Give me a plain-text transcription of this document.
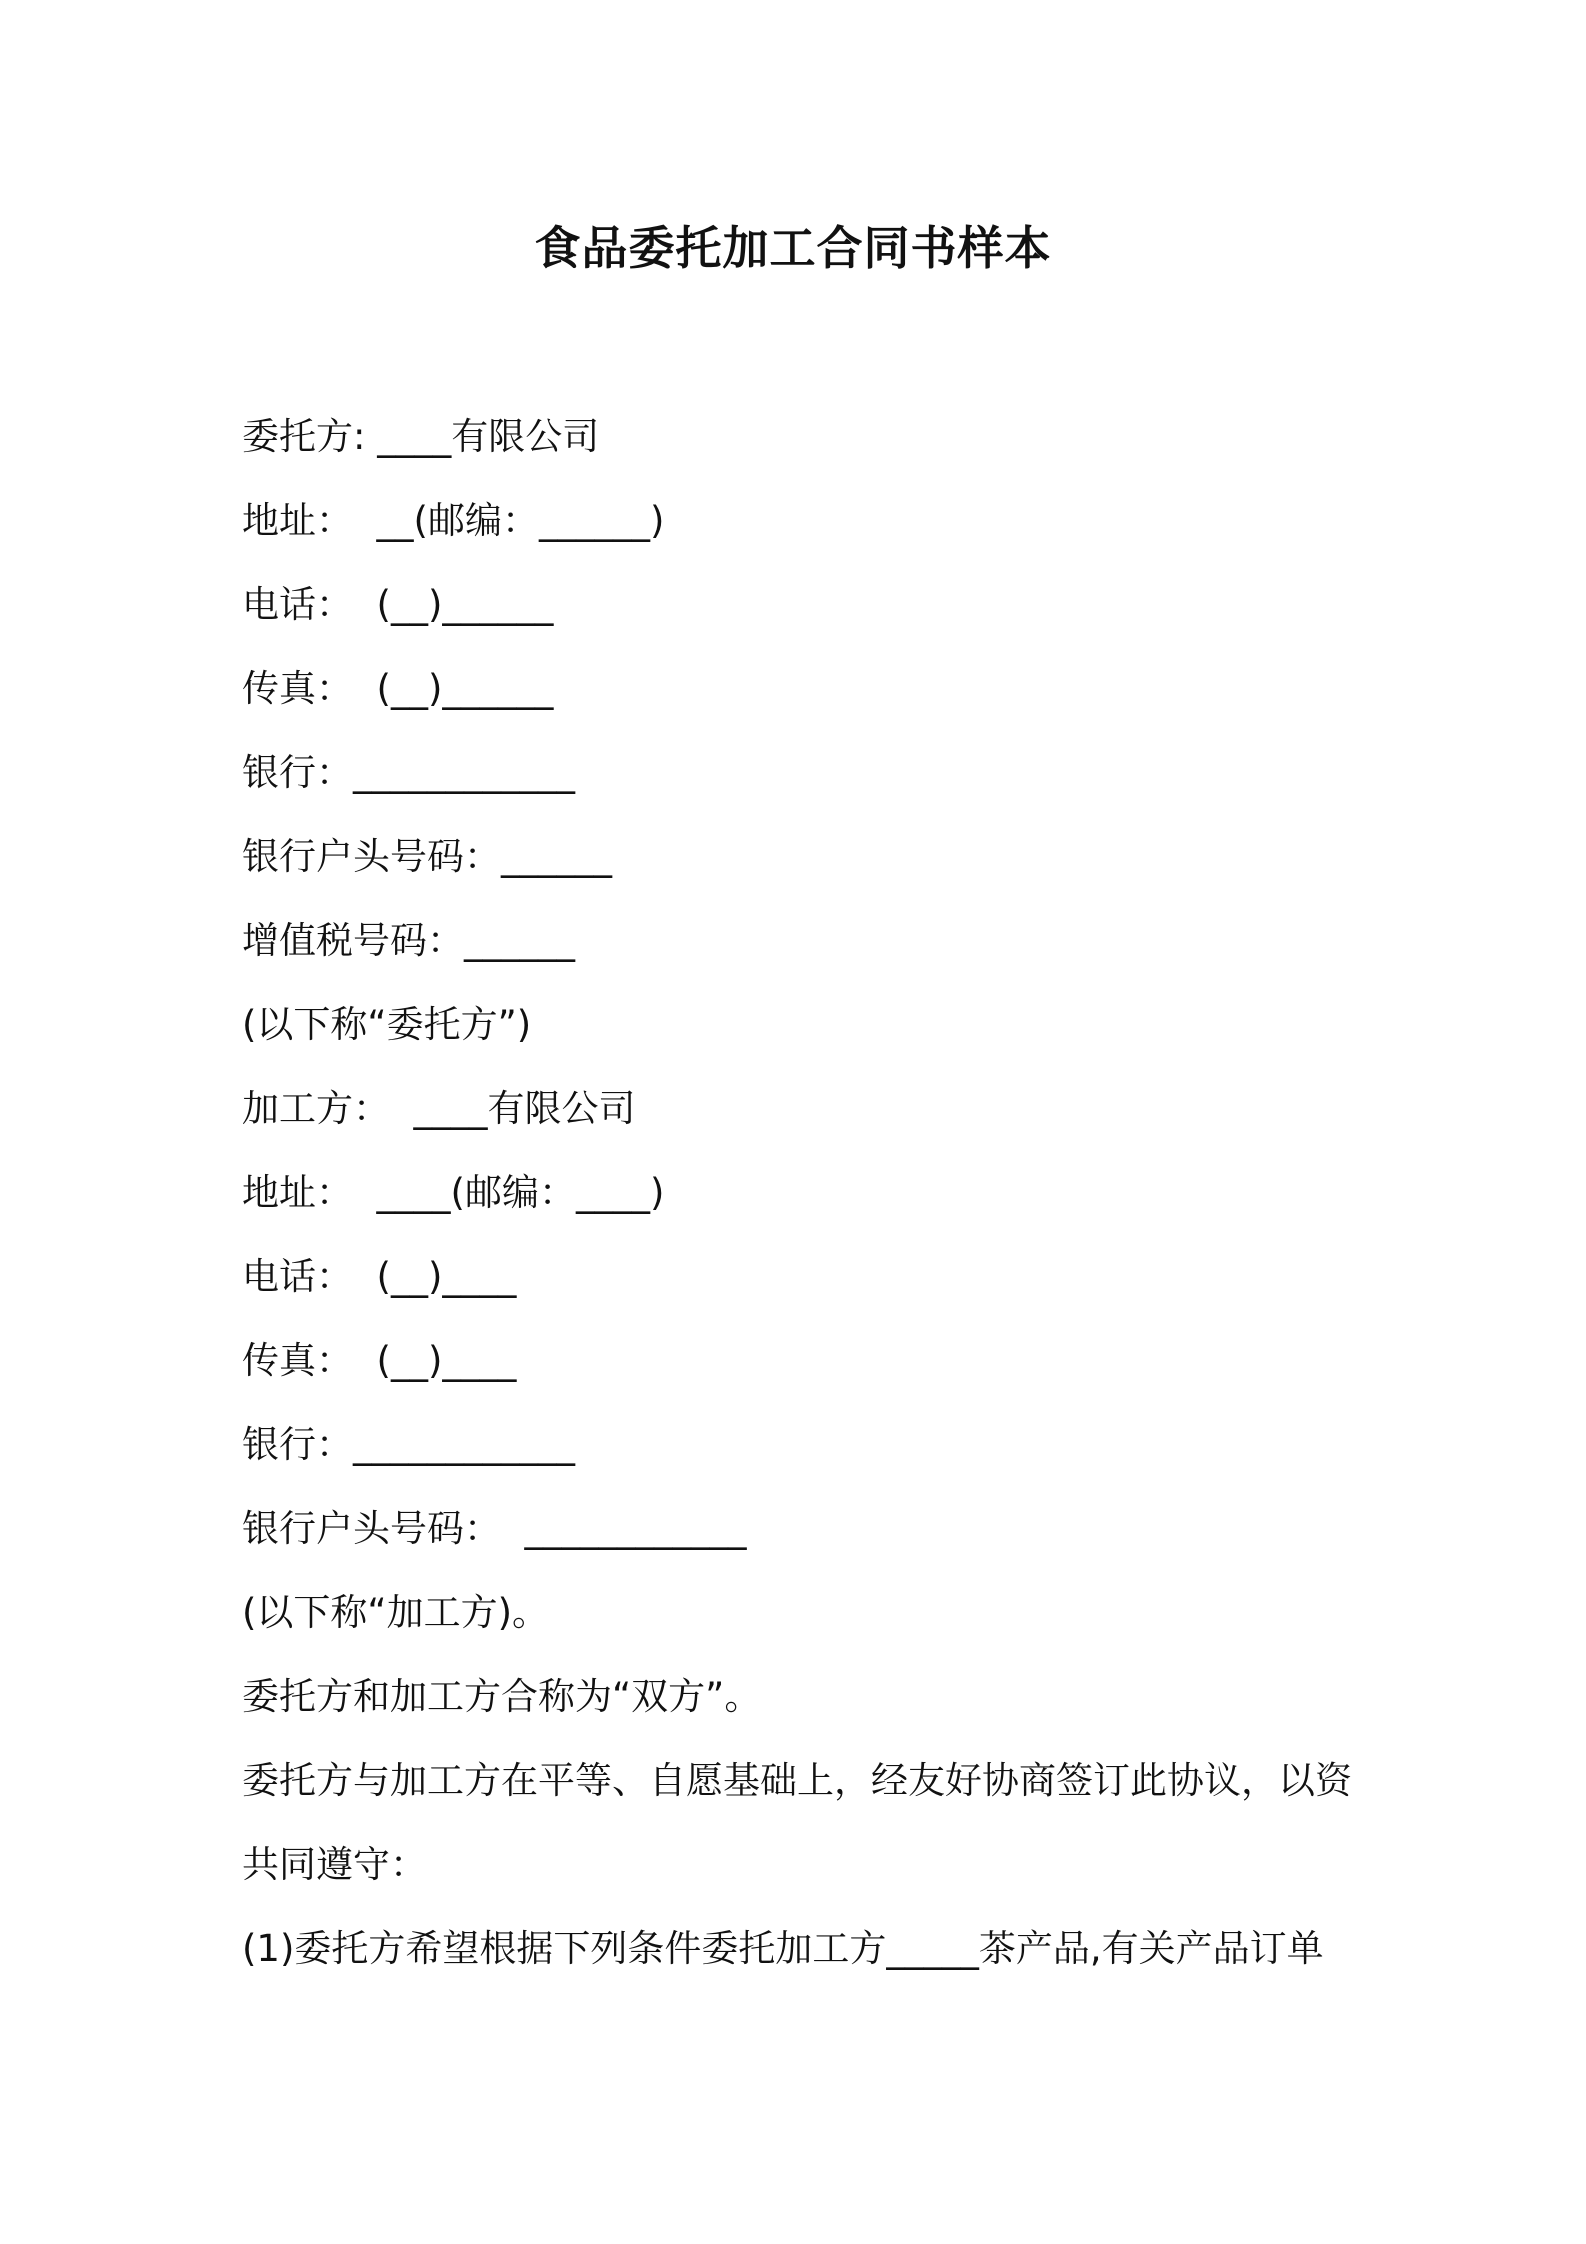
食品委托加工合同书样本

委托方: ____有限公司

地址：  __(邮编：______)

电话：  (__)______

传真：  (__)______

银行：____________

银行户头号码：______

增值税号码：______

(以下称“委托方”)

加工方：  ____有限公司

地址：  ____(邮编：____)

电话：  (__)____

传真：  (__)____

银行：____________

银行户头号码：  ____________

(以下称“加工方)。

委托方和加工方合称为“双方”。

委托方与加工方在平等、自愿基础上，经友好协商签订此协议，以资

共同遵守：

(1)委托方希望根据下列条件委托加工方_____茶产品,有关产品订单
